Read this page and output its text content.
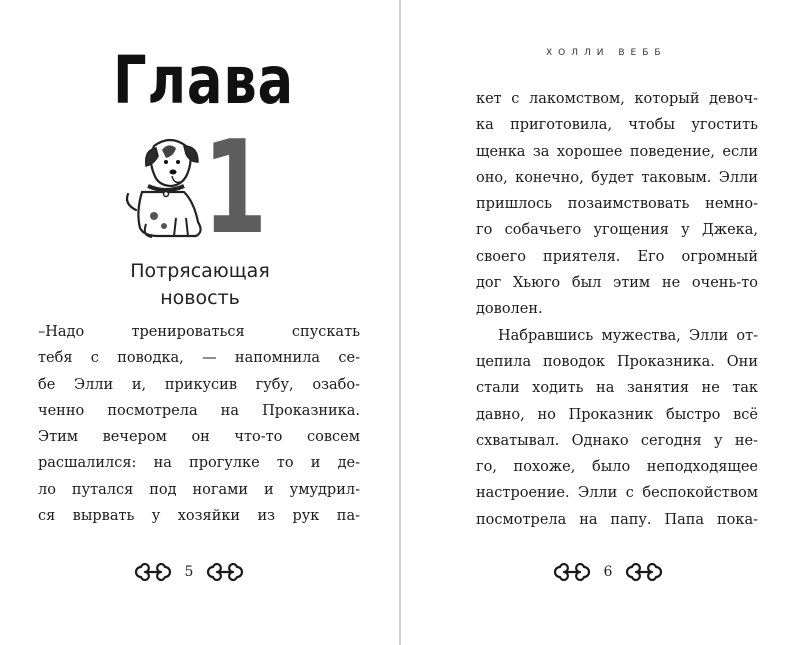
Глава
1
Потрясающая
новость
–Надо тренироваться спускать
тебя с поводка, — напомнила се-
бе Элли и, прикусив губу, озабо-
ченно посмотрела на Проказника.
Этим вечером он что-то совсем
расшалился: на прогулке то и де-
ло путался под ногами и умудрил-
ся вырвать у хозяйки из рук па-
5
ХОЛЛИ ВЕББ
кет с лакомством, который девоч-
ка приготовила, чтобы угостить
щенка за хорошее поведение, если
оно, конечно, будет таковым. Элли
пришлось позаимствовать немно-
го собачьего угощения у Джека,
своего приятеля. Его огромный
дог Хьюго был этим не очень-то
доволен.
Набравшись мужества, Элли от-
цепила поводок Проказника. Они
стали ходить на занятия не так
давно, но Проказник быстро всё
схватывал. Однако сегодня у не-
го, похоже, было неподходящее
настроение. Элли с беспокойством
посмотрела на папу. Папа пока-
6
